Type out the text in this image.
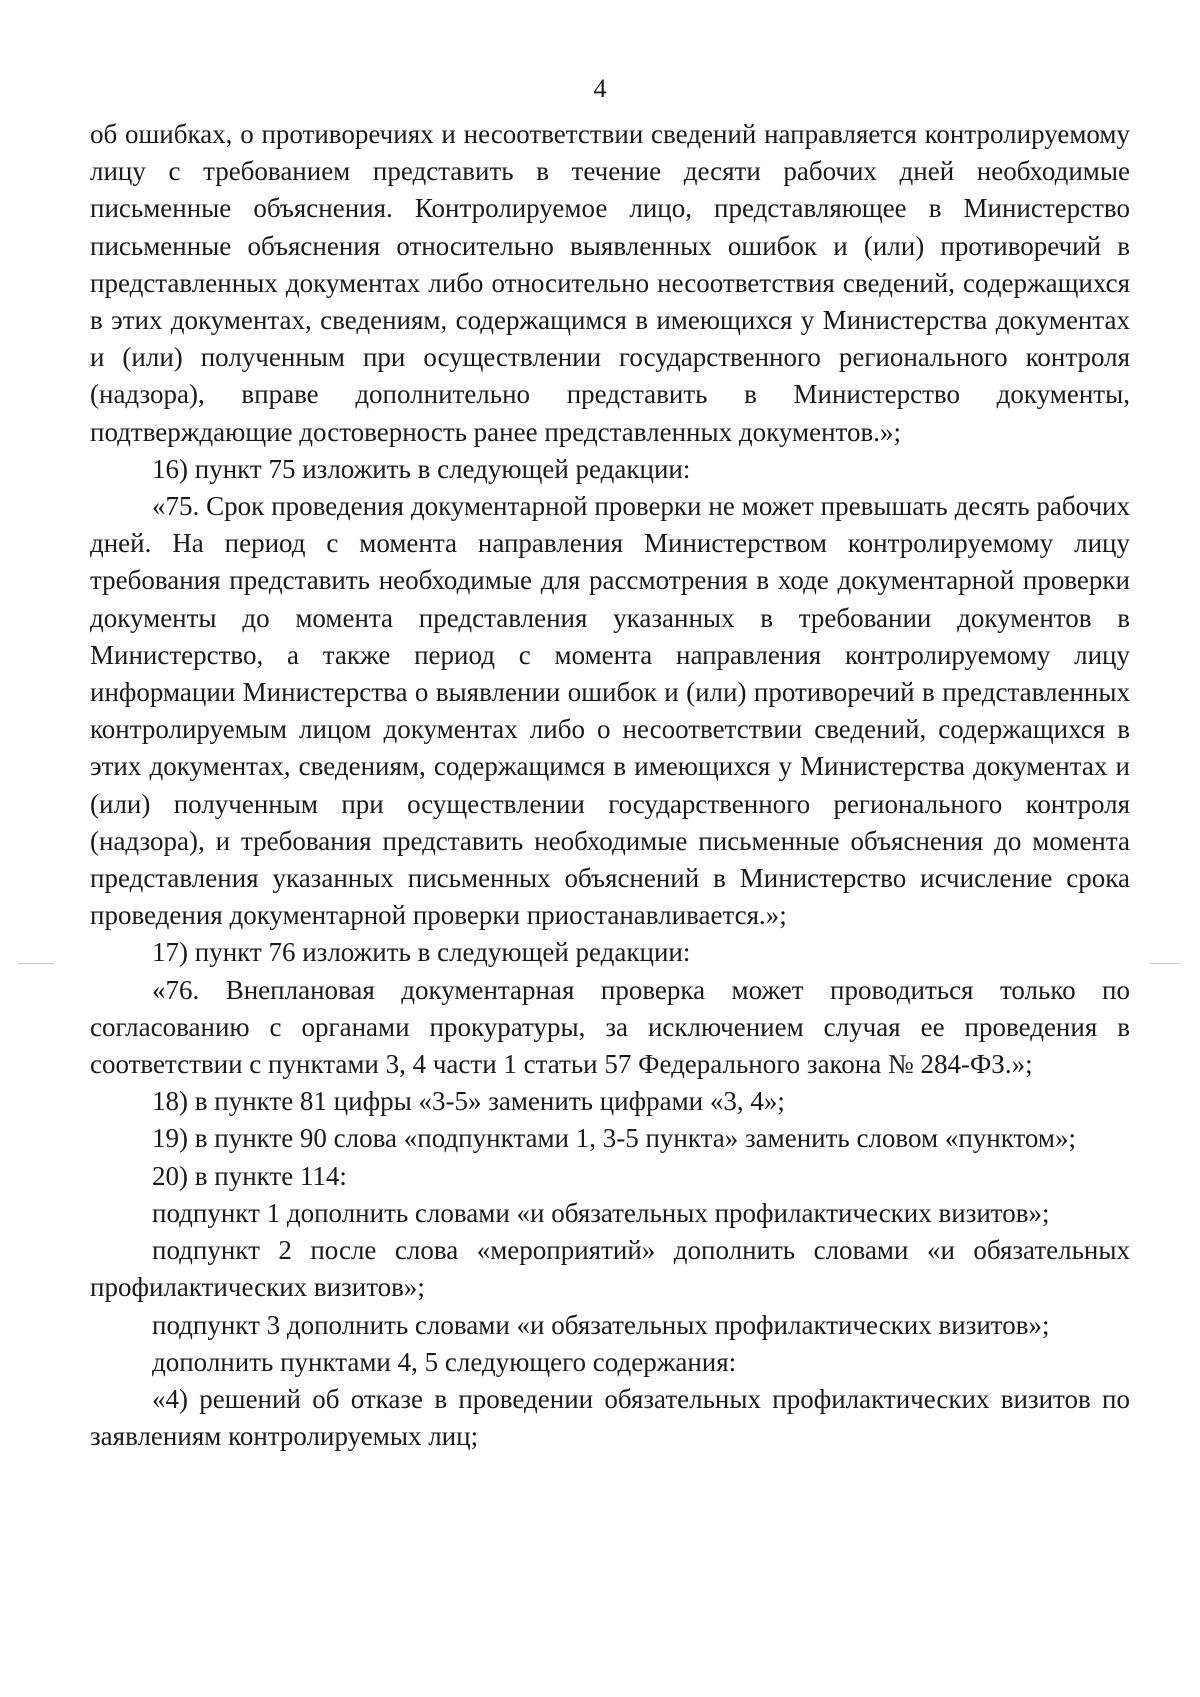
4

об ошибках, о противоречиях и несоответствии сведений направляется контролируемому лицу с требованием представить в течение десяти рабочих дней необходимые письменные объяснения. Контролируемое лицо, представляющее в Министерство письменные объяснения относительно выявленных ошибок и (или) противоречий в представленных документах либо относительно несоответствия сведений, содержащихся в этих документах, сведениям, содержащимся в имеющихся у Министерства документах и (или) полученным при осуществлении государственного регионального контроля (надзора), вправе дополнительно представить в Министерство документы, подтверждающие достоверность ранее представленных документов.»;

16) пункт 75 изложить в следующей редакции:

«75. Срок проведения документарной проверки не может превышать десять рабочих дней. На период с момента направления Министерством контролируемому лицу требования представить необходимые для рассмотрения в ходе документарной проверки документы до момента представления указанных в требовании документов в Министерство, а также период с момента направления контролируемому лицу информации Министерства о выявлении ошибок и (или) противоречий в представленных контролируемым лицом документах либо о несоответствии сведений, содержащихся в этих документах, сведениям, содержащимся в имеющихся у Министерства документах и (или) полученным при осуществлении государственного регионального контроля (надзора), и требования представить необходимые письменные объяснения до момента представления указанных письменных объяснений в Министерство исчисление срока проведения документарной проверки приостанавливается.»;

17) пункт 76 изложить в следующей редакции:

«76. Внеплановая документарная проверка может проводиться только по согласованию с органами прокуратуры, за исключением случая ее проведения в соответствии с пунктами 3, 4 части 1 статьи 57 Федерального закона № 284-ФЗ.»;

18) в пункте 81 цифры «3-5» заменить цифрами «3, 4»;

19) в пункте 90 слова «подпунктами 1, 3-5 пункта» заменить словом «пунктом»;

20) в пункте 114:

подпункт 1 дополнить словами «и обязательных профилактических визитов»;

подпункт 2 после слова «мероприятий» дополнить словами «и обязательных профилактических визитов»;

подпункт 3 дополнить словами «и обязательных профилактических визитов»;

дополнить пунктами 4, 5 следующего содержания:

«4) решений об отказе в проведении обязательных профилактических визитов по заявлениям контролируемых лиц;
